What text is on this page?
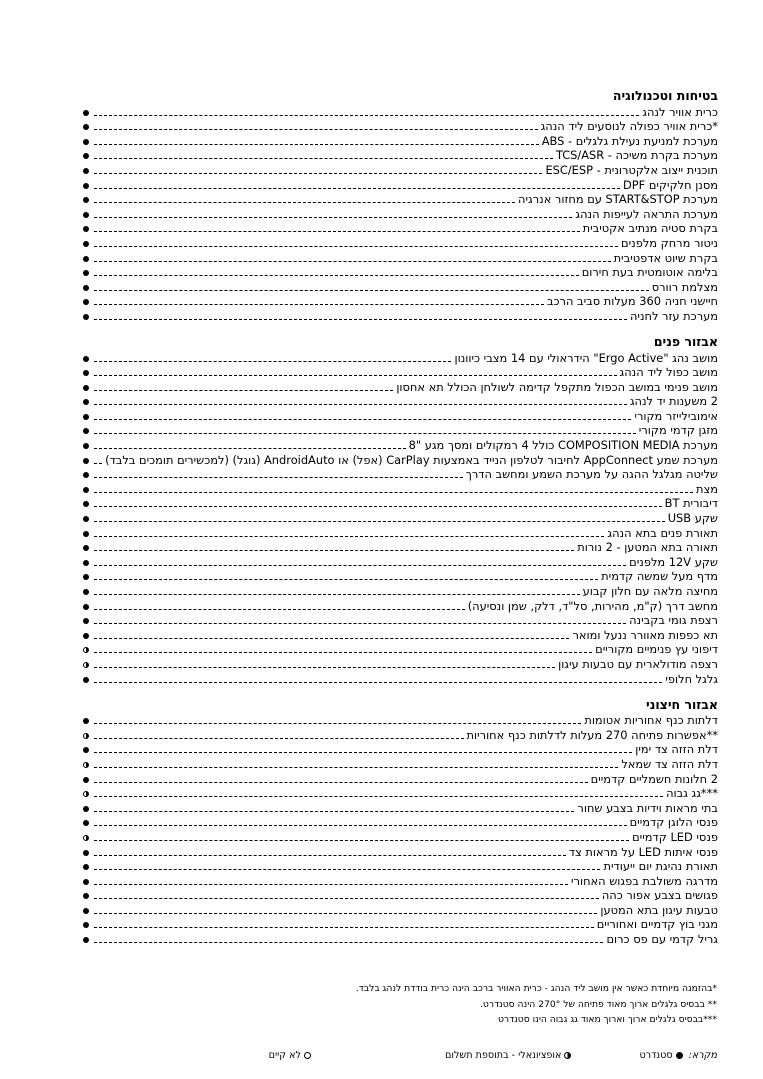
בטיחות וטכנולוגיה
כרית אוויר לנהג
*כרית אוויר כפולה לנוסעים ליד הנהג
מערכת למניעת נעילת גלגלים - ABS
מערכת בקרת משיכה - TCS/ASR
תוכנית ייצוב אלקטרונית - ESC/ESP
מסנן חלקיקים DPF
מערכת START&STOP עם מחזור אנרגיה
מערכת התראה לעייפות הנהג
בקרת סטיה מנתיב אקטיבית
ניטור מרחק מלפנים
בקרת שיוט אדפטיבית
בלימה אוטומטית בעת חירום
מצלמת רוורס
חיישני חניה 360 מעלות סביב הרכב
מערכת עזר לחניה
אבזור פנים
מושב נהג "Ergo Active" הידראולי עם 14 מצבי כיוונון
מושב כפול ליד הנהג
מושב פנימי במושב הכפול מתקפל קדימה לשולחן הכולל תא אחסון
2 משענות יד לנהג
אימובילייזר מקורי
מזגן קדמי מקורי
מערכת COMPOSITION MEDIA כולל 4 רמקולים ומסך מגע "8
מערכת שמע AppConnect לחיבור לטלפון הנייד באמצעות CarPlay (אפל) או AndroidAuto (גוגל) (למכשירים תומכים בלבד)
שליטה מגלגל ההגה על מערכת השמע ומחשב הדרך
מצת
דיבורית BT
שקע USB
תאורת פנים בתא הנהג
תאורה בתא המטען - 2 נורות
שקע 12V מלפנים
מדף מעל שמשה קדמית
מחיצה מלאה עם חלון קבוע
מחשב דרך (ק"מ, מהירות, סל"ד, דלק, שמן ונסיעה)
רצפת גומי בקבינה
תא כפפות מאוורר ננעל ומואר
דיפוני עץ פנימיים מקוריים
רצפה מודולארית עם טבעות עיגון
גלגל חלופי
אבזור חיצוני
דלתות כנף אחוריות אטומות
**אפשרות פתיחה 270 מעלות לדלתות כנף אחוריות
דלת הזזה צד ימין
דלת הזזה צד שמאל
2 חלונות חשמליים קדמיים
***גג גבוה
בתי מראות וידיות בצבע שחור
פנסי הלוגן קדמיים
פנסי LED קדמיים
פנסי איתות LED על מראות צד
תאורת נהיגת יום ייעודית
מדרגה משולבת בפגוש האחורי
פגושים בצבע אפור כהה
טבעות עיגון בתא המטען
מגני בוץ קדמיים ואחוריים
גריל קדמי עם פס כרום
*בהזמנה מיוחדת כאשר אין מושב ליד הנהג - כרית האוויר ברכב הינה כרית בודדת לנהג בלבד.
** בבסיס גלגלים ארוך מאוד פתיחה של 270° הינה סטנדרט.
***בבסיס גלגלים ארוך וארוך מאוד גג גבוה הינו סטנדרט
מקרא:
סטנדרט
אופציונאלי - בתוספת תשלום
לא קיים
